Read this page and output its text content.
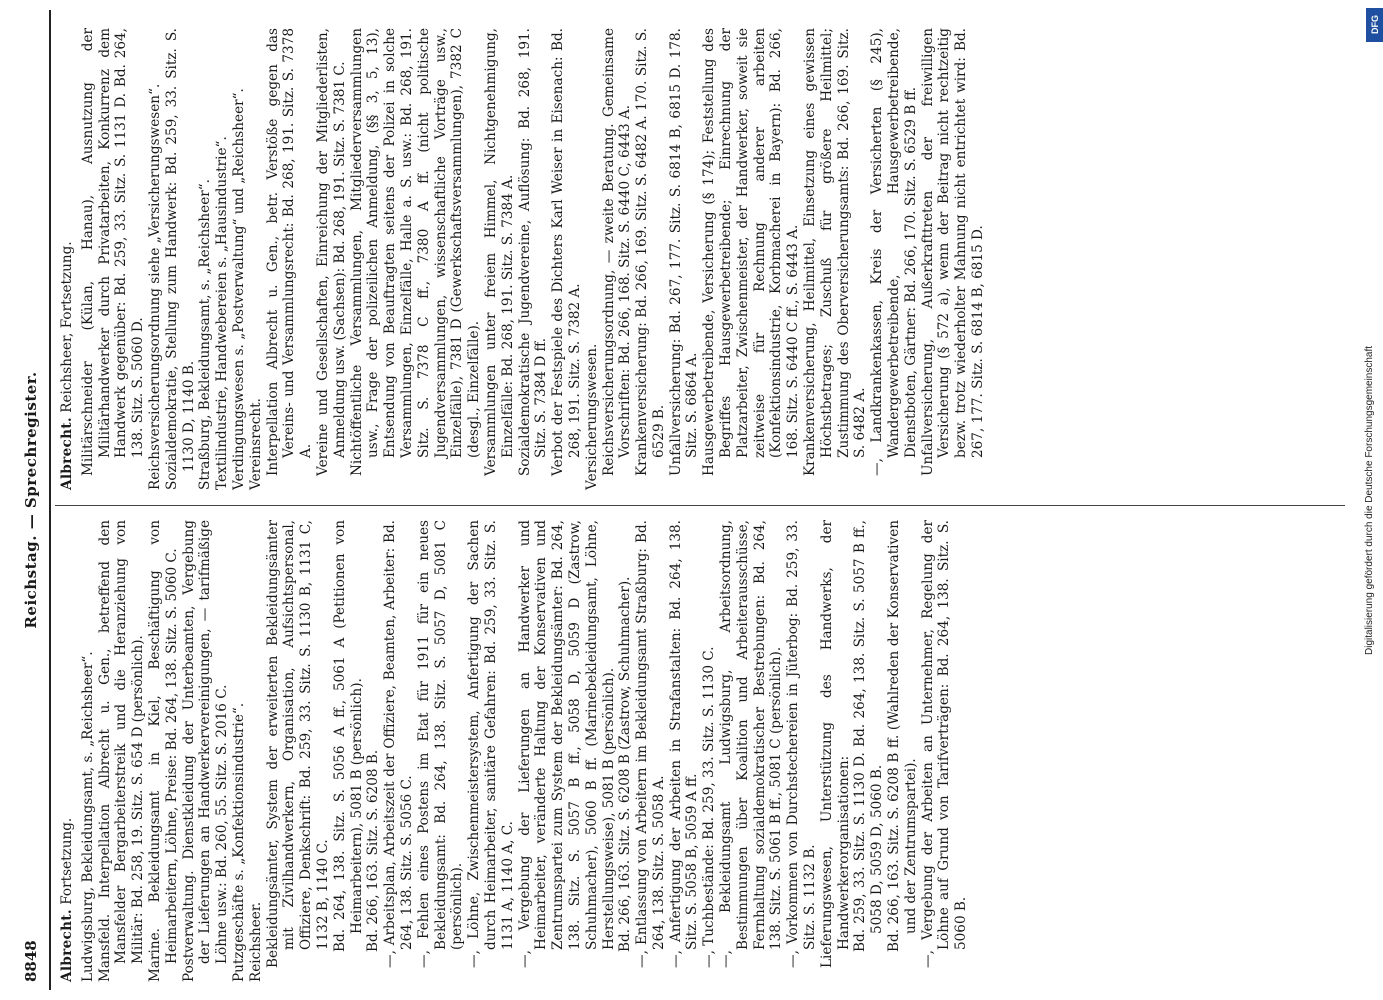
8848
Reichstag. — Sprechregister.

Albrecht. Fortsetzung. Ludwigsburg, Bekleidungsamt, s. „Reichsheer“. Mansfeld. Interpellation Albrecht u. Gen., betreffend den Mansfelder Bergarbeiterstreik und die Heranziehung von Militär: Bd. 258, 19. Sitz. S. 654 D (persönlich). Marine. Bekleidungsamt in Kiel, Beschäftigung von Heimarbeitern, Löhne, Preise: Bd. 264, 138. Sitz. S. 5060 C. Postverwaltung. Dienstkleidung der Unterbeamten, Vergebung der Lieferungen an Handwerkervereinigungen, — tarifmäßige Löhne usw.: Bd. 260, 55. Sitz. S. 2016 C. Putzgeschäfte s. „Konfektionsindustrie“. Reichsheer. Bekleidungsämter, System der erweiterten Bekleidungsämter mit Zivilhandwerkern, Organisation, Aufsichtspersonal, Offiziere, Denkschrift: Bd. 259, 33. Sitz. S. 1130 B, 1131 C, 1132 B, 1140 C. Bd. 264, 138. Sitz. S. 5056 A ff., 5061 A (Petitionen von Heimarbeitern), 5081 B (persönlich). Bd. 266, 163. Sitz. S. 6208 B. —, Arbeitsplan, Arbeitszeit der Offiziere, Beamten, Arbeiter: Bd. 264, 138. Sitz. S. 5056 C. —, Fehlen eines Postens im Etat für 1911 für ein neues Bekleidungsamt: Bd. 264, 138. Sitz. S. 5057 D, 5081 C (persönlich). —, Löhne, Zwischenmeistersystem, Anfertigung der Sachen durch Heimarbeiter, sanitäre Gefahren: Bd. 259, 33. Sitz. S. 1131 A, 1140 A, C. —, Vergebung der Lieferungen an Handwerker und Heimarbeiter, veränderte Haltung der Konservativen und Zentrumspartei zum System der Bekleidungsämter: Bd. 264, 138. Sitz. S. 5057 B ff., 5058 D, 5059 D (Zastrow, Schuhmacher), 5060 B ff. (Marinebekleidungsamt, Löhne, Herstellungsweise), 5081 B (persönlich). Bd. 266, 163. Sitz. S. 6208 B (Zastrow, Schuhmacher). —, Entlassung von Arbeitern im Bekleidungsamt Straßburg: Bd. 264, 138. Sitz. S. 5058 A. —, Anfertigung der Arbeiten in Strafanstalten: Bd. 264, 138. Sitz. S. 5058 B, 5059 A ff. —, Tuchbestände: Bd. 259, 33. Sitz. S. 1130 C. —, Bekleidungsamt Ludwigsburg, Arbeitsordnung, Bestimmungen über Koalition und Arbeiterausschüsse, Fernhaltung sozialdemokratischer Bestrebungen: Bd. 264, 138. Sitz. S. 5061 B ff., 5081 C (persönlich). —, Vorkommen von Durchstechereien in Jüterbog: Bd. 259, 33. Sitz. S. 1132 B. Lieferungswesen, Unterstützung des Handwerks, der Handwerkerorganisationen: Bd. 259, 33. Sitz. S. 1130 D. Bd. 264, 138. Sitz. S. 5057 B ff., 5058 D, 5059 D, 5060 B. Bd. 266, 163. Sitz. S. 6208 B ff. (Wahlreden der Konservativen und der Zentrumspartei). —, Vergebung der Arbeiten an Unternehmer, Regelung der Löhne auf Grund von Tarifverträgen: Bd. 264, 138. Sitz. S. 5060 B.

Albrecht. Reichsheer, Fortsetzung. Militärschneider (Külan, Hanau), Ausnutzung der Militärhandwerker durch Privatarbeiten, Konkurrenz dem Handwerk gegenüber: Bd. 259, 33. Sitz. S. 1131 D. Bd. 264, 138. Sitz. S. 5060 D. Reichsversicherungsordnung siehe „Versicherungswesen“. Sozialdemokratie, Stellung zum Handwerk: Bd. 259, 33. Sitz. S. 1130 D, 1140 B. Straßburg, Bekleidungsamt, s. „Reichsheer“. Textilindustrie, Handwebereien s. „Hausindustrie“. Verdingungswesen s. „Postverwaltung“ und „Reichsheer“. Vereinsrecht. Interpellation Albrecht u. Gen., betr. Verstöße gegen das Vereins- und Versammlungsrecht: Bd. 268, 191. Sitz. S. 7378 A. Vereine und Gesellschaften, Einreichung der Mitgliederlisten, Anmeldung usw. (Sachsen): Bd. 268, 191. Sitz. S. 7381 C. Nichtöffentliche Versammlungen, Mitgliederversammlungen usw., Frage der polizeilichen Anmeldung, (§§ 3, 5, 13), Entsendung von Beauftragten seitens der Polizei in solche Versammlungen, Einzelfälle, Halle a. S. usw.: Bd. 268, 191. Sitz. S. 7378 C ff., 7380 A ff. (nicht politische Jugendversammlungen, wissenschaftliche Vorträge usw., Einzelfälle), 7381 D (Gewerkschaftsversammlungen), 7382 C (desgl., Einzelfälle). Versammlungen unter freiem Himmel, Nichtgenehmigung, Einzelfälle: Bd. 268, 191. Sitz. S. 7384 A. Sozialdemokratische Jugendvereine, Auflösung: Bd. 268, 191. Sitz. S. 7384 D ff. Verbot der Festspiele des Dichters Karl Weiser in Eisenach: Bd. 268, 191. Sitz. S. 7382 A. Versicherungswesen. Reichsversicherungsordnung, — zweite Beratung. Gemeinsame Vorschriften: Bd. 266, 168. Sitz. S. 6440 C, 6443 A. Krankenversicherung: Bd. 266, 169. Sitz. S. 6482 A. 170. Sitz. S. 6529 B. Unfallversicherung: Bd. 267, 177. Sitz. S. 6814 B, 6815 D. 178. Sitz. S. 6864 A. Hausgewerbetreibende, Versicherung (§ 174); Feststellung des Begriffes Hausgewerbetreibende; Einrechnung der Platzarbeiter, Zwischenmeister, der Handwerker, soweit sie zeitweise für Rechnung anderer arbeiten (Konfektionsindustrie, Korbmacherei in Bayern): Bd. 266, 168. Sitz. S. 6440 C ff., S. 6443 A. Krankenversicherung, Heilmittel, Einsetzung eines gewissen Höchstbetrages; Zuschuß für größere Heilmittel; Zustimmung des Oberversicherungsamts: Bd. 266, 169. Sitz. S. 6482 A. —, Landkrankenkassen, Kreis der Versicherten (§ 245), Wandergewerbetreibende, Hausgewerbetreibende, Dienstboten, Gärtner: Bd. 266, 170. Sitz. S. 6529 B ff. Unfallversicherung, Außerkrafttreten der freiwilligen Versicherung (§ 572 a), wenn der Beitrag nicht rechtzeitig bezw. trotz wiederholter Mahnung nicht entrichtet wird: Bd. 267, 177. Sitz. S. 6814 B, 6815 D.

DFG
Digitalisierung gefördert durch die Deutsche Forschungsgemeinschaft
